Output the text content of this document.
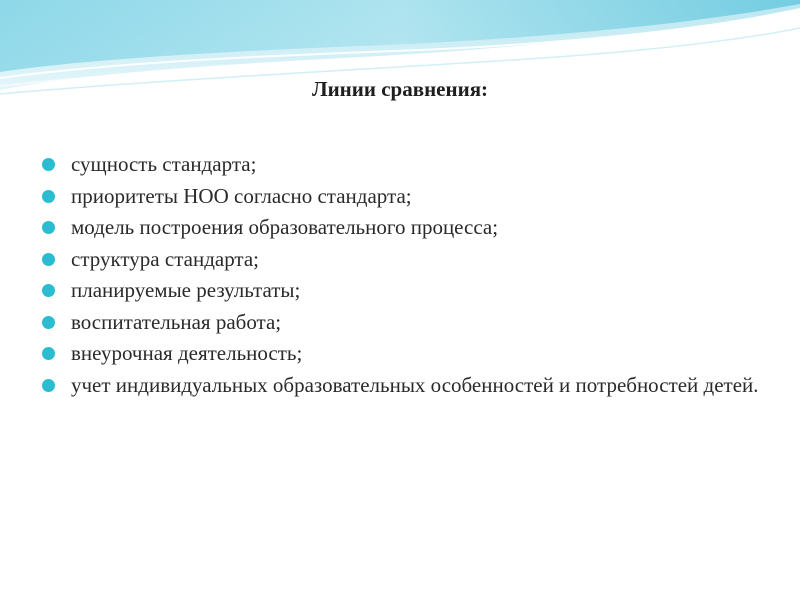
Линии сравнения:
сущность стандарта;
приоритеты НОО согласно стандарта;
модель построения образовательного процесса;
структура стандарта;
планируемые результаты;
воспитательная работа;
внеурочная деятельность;
учет индивидуальных образовательных особенностей и потребностей детей.
